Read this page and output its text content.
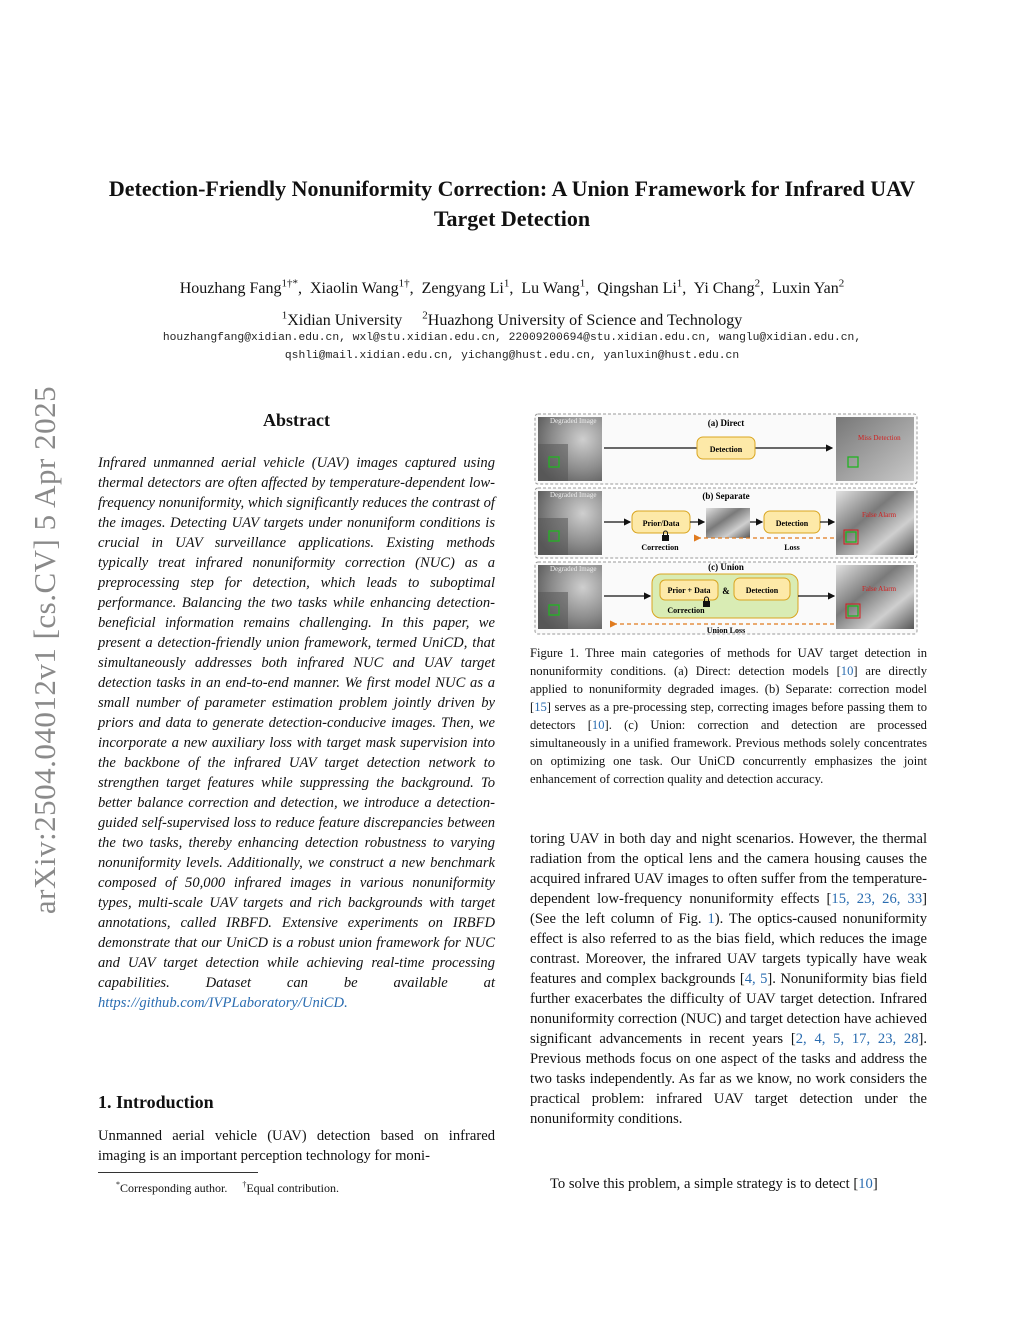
arXiv:2504.04012v1 [cs.CV] 5 Apr 2025
Detection-Friendly Nonuniformity Correction: A Union Framework for Infrared UAV Target Detection
Houzhang Fang$^{1\dagger*}$, Xiaolin Wang$^{1\dagger}$, Zengyang Li$^1$, Lu Wang$^1$, Qingshan Li$^1$, Yi Chang$^2$, Luxin Yan$^2$
$^1$Xidian University $^2$Huazhong University of Science and Technology
houzhangfang@xidian.edu.cn, wxl@stu.xidian.edu.cn, 22009200694@stu.xidian.edu.cn, wanglu@xidian.edu.cn,
qshli@mail.xidian.edu.cn, yichang@hust.edu.cn, yanluxin@hust.edu.cn
Abstract
Infrared unmanned aerial vehicle (UAV) images captured using thermal detectors are often affected by temperature-dependent low-frequency nonuniformity, which significantly reduces the contrast of the images. Detecting UAV targets under nonuniform conditions is crucial in UAV surveillance applications. Existing methods typically treat infrared nonuniformity correction (NUC) as a preprocessing step for detection, which leads to suboptimal performance. Balancing the two tasks while enhancing detection-beneficial information remains challenging. In this paper, we present a detection-friendly union framework, termed UniCD, that simultaneously addresses both infrared NUC and UAV target detection tasks in an end-to-end manner. We first model NUC as a small number of parameter estimation problem jointly driven by priors and data to generate detection-conducive images. Then, we incorporate a new auxiliary loss with target mask supervision into the backbone of the infrared UAV target detection network to strengthen target features while suppressing the background. To better balance correction and detection, we introduce a detection-guided self-supervised loss to reduce feature discrepancies between the two tasks, thereby enhancing detection robustness to varying nonuniformity levels. Additionally, we construct a new benchmark composed of 50,000 infrared images in various nonuniformity types, multi-scale UAV targets and rich backgrounds with target annotations, called IRBFD. Extensive experiments on IRBFD demonstrate that our UniCD is a robust union framework for NUC and UAV target detection while achieving real-time processing capabilities. Dataset can be available at https://github.com/IVPLaboratory/UniCD.
1. Introduction
Unmanned aerial vehicle (UAV) detection based on infrared imaging is an important perception technology for moni-
*Corresponding author. †Equal contribution.
Degraded Image	(a) Direct
Detection
Miss Detection
Degraded Image	(b) Separate
Prior/Data
Correction
Detection
Loss
False Alarm
Degraded Image	(c) Union
Prior + Data
Correction
& Detection
Union Loss
False Alarm
Figure 1. Three main categories of methods for UAV target detection in nonuniformity conditions. (a) Direct: detection models [10] are directly applied to nonuniformity degraded images. (b) Separate: correction model [15] serves as a pre-processing step, correcting images before passing them to detectors [10]. (c) Union: correction and detection are processed simultaneously in a unified framework. Previous methods solely concentrates on optimizing one task. Our UniCD concurrently emphasizes the joint enhancement of correction quality and detection accuracy.
toring UAV in both day and night scenarios. However, the thermal radiation from the optical lens and the camera housing causes the acquired infrared UAV images to often suffer from the temperature-dependent low-frequency nonuniformity effects [15, 23, 26, 33] (See the left column of Fig. 1). The optics-caused nonuniformity effect is also referred to as the bias field, which reduces the image contrast. Moreover, the infrared UAV targets typically have weak features and complex backgrounds [4, 5]. Nonuniformity bias field further exacerbates the difficulty of UAV target detection. Infrared nonuniformity correction (NUC) and target detection have achieved significant advancements in recent years [2, 4, 5, 17, 23, 28]. Previous methods focus on one aspect of the tasks and address the two tasks independently. As far as we know, no work considers the practical problem: infrared UAV target detection under the nonuniformity conditions.
To solve this problem, a simple strategy is to detect [10]
